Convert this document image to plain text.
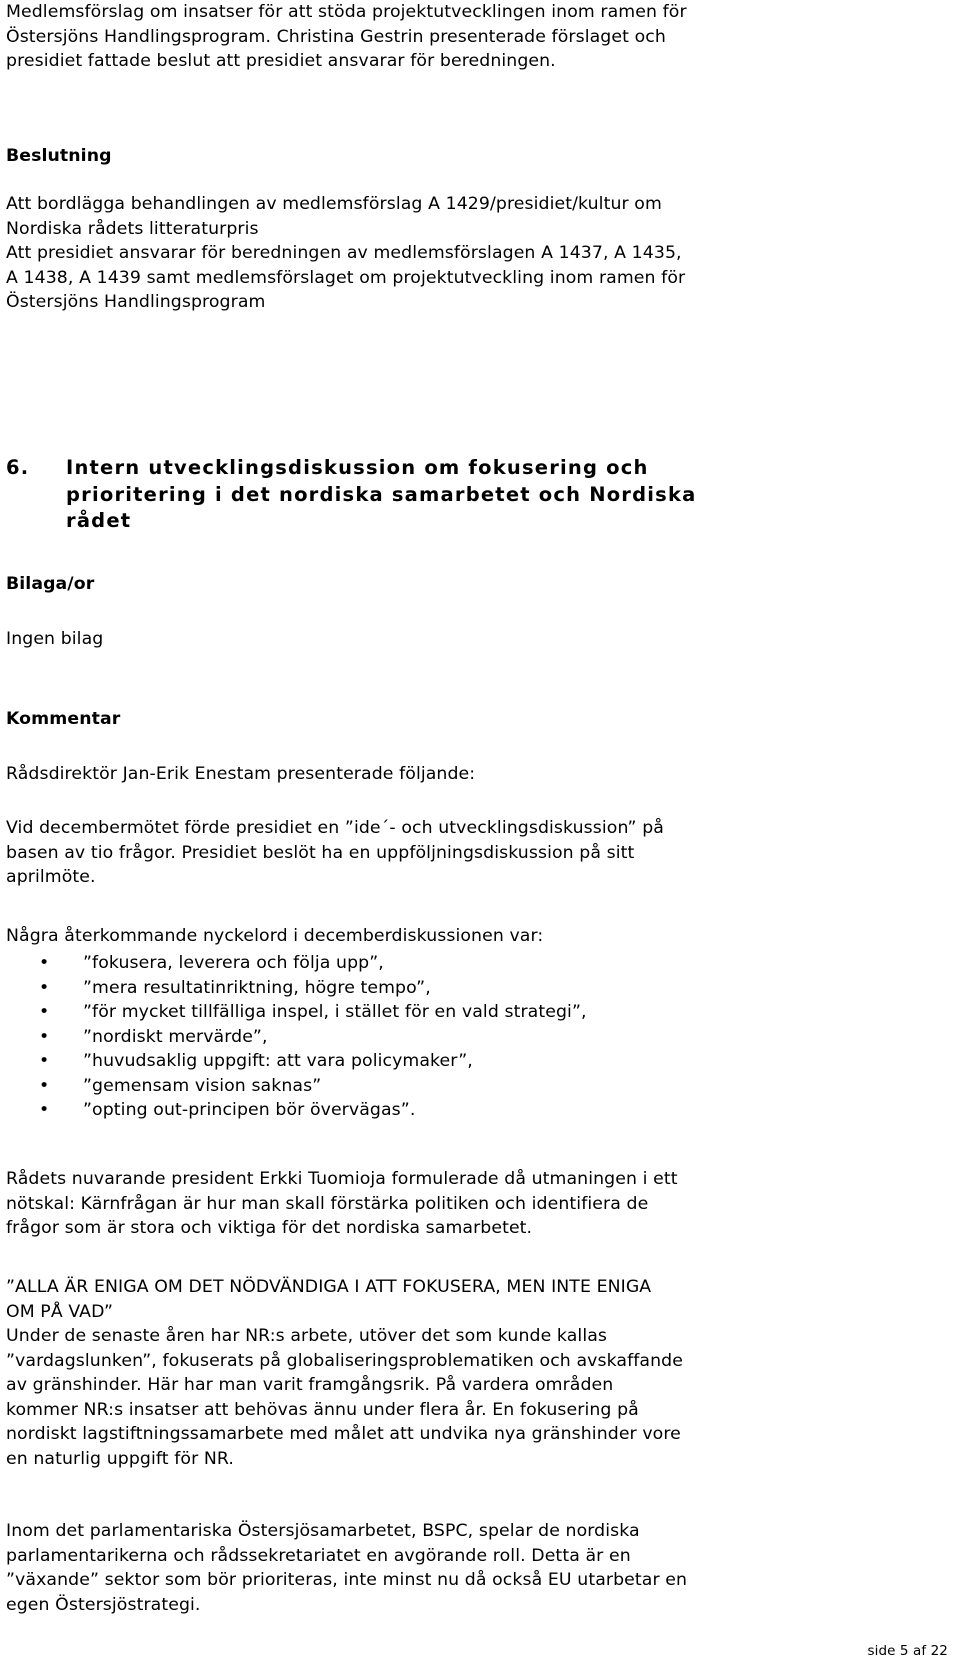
Medlemsförslag om insatser för att stöda projektutvecklingen inom ramen för

Östersjöns Handlingsprogram. Christina Gestrin presenterade förslaget och

presidiet fattade beslut att presidiet ansvarar för beredningen.

Beslutning

Att bordlägga behandlingen av medlemsförslag A 1429/presidiet/kultur om

Nordiska rådets litteraturpris

Att presidiet ansvarar för beredningen av medlemsförslagen A 1437, A 1435,

A 1438, A 1439 samt medlemsförslaget om projektutveckling inom ramen för

Östersjöns Handlingsprogram

6. Intern utvecklingsdiskussion om fokusering och
prioritering i det nordiska samarbetet och Nordiska
rådet
Bilaga/or
Ingen bilag
Kommentar
Rådsdirektör Jan-Erik Enestam presenterade följande:

Vid decembermötet förde presidiet en ”ide´- och utvecklingsdiskussion” på

basen av tio frågor. Presidiet beslöt ha en uppföljningsdiskussion på sitt

aprilmöte.

Några återkommande nyckelord i decemberdiskussionen var:
• ”fokusera, leverera och följa upp”,
• ”mera resultatinriktning, högre tempo”,
• ”för mycket tillfälliga inspel, i stället för en vald strategi”,
• ”nordiskt mervärde”,
• ”huvudsaklig uppgift: att vara policymaker”,
• ”gemensam vision saknas”
• ”opting out-principen bör övervägas”.

Rådets nuvarande president Erkki Tuomioja formulerade då utmaningen i ett

nötskal: Kärnfrågan är hur man skall förstärka politiken och identifiera de

frågor som är stora och viktiga för det nordiska samarbetet.

”ALLA ÄR ENIGA OM DET NÖDVÄNDIGA I ATT FOKUSERA, MEN INTE ENIGA

OM PÅ VAD”

Under de senaste åren har NR:s arbete, utöver det som kunde kallas

”vardagslunken”, fokuserats på globaliseringsproblematiken och avskaffande

av gränshinder. Här har man varit framgångsrik. På vardera områden

kommer NR:s insatser att behövas ännu under flera år. En fokusering på

nordiskt lagstiftningssamarbete med målet att undvika nya gränshinder vore

en naturlig uppgift för NR.

Inom det parlamentariska Östersjösamarbetet, BSPC, spelar de nordiska

parlamentarikerna och rådssekretariatet en avgörande roll. Detta är en

”växande” sektor som bör prioriteras, inte minst nu då också EU utarbetar en

egen Östersjöstrategi.

side 5 af 22
